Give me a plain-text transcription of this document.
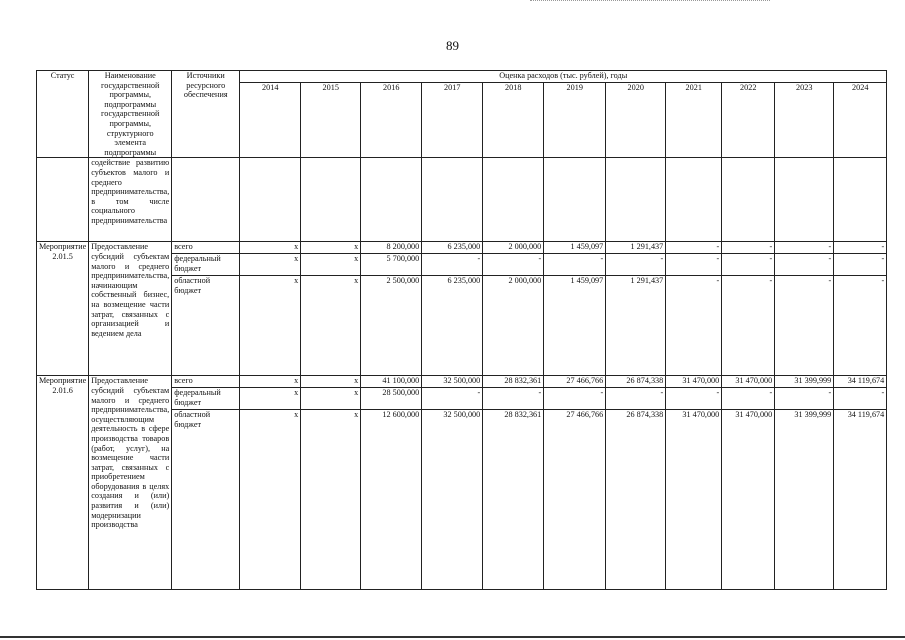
89
Статус	Наименование государственной программы, подпрограммы государственной программы, структурного элемента подпрограммы	Источники ресурсного обеспечения	Оценка расходов (тыс. рублей), годы										
			2014	2015	2016	2017	2018	2019	2020	2021	2022	2023	2024
	содействие развитию субъектов малого и среднего предпринимательства, в том числе социального предпринимательства												
Мероприятие 2.01.5	Предоставление субсидий субъектам малого и среднего предпринимательства, начинающим собственный бизнес, на возмещение части затрат, связанных с организацией и ведением дела	всего	x	x	8 200,000	6 235,000	2 000,000	1 459,097	1 291,437	-	-	-	-
		федеральный бюджет	x	x	5 700,000	-	-	-	-	-	-	-	-
		областной бюджет	x	x	2 500,000	6 235,000	2 000,000	1 459,097	1 291,437	-	-	-	-
Мероприятие 2.01.6	Предоставление субсидий субъектам малого и среднего предпринимательства, осуществляющим деятельность в сфере производства товаров (работ, услуг), на возмещение части затрат, связанных с приобретением оборудования в целях создания и (или) развития и (или) модернизации производства	всего	x	x	41 100,000	32 500,000	28 832,361	27 466,766	26 874,338	31 470,000	31 470,000	31 399,999	34 119,674
		федеральный бюджет	x	x	28 500,000	-	-	-	-	-	-	-	-
		областной бюджет	x	x	12 600,000	32 500,000	28 832,361	27 466,766	26 874,338	31 470,000	31 470,000	31 399,999	34 119,674
